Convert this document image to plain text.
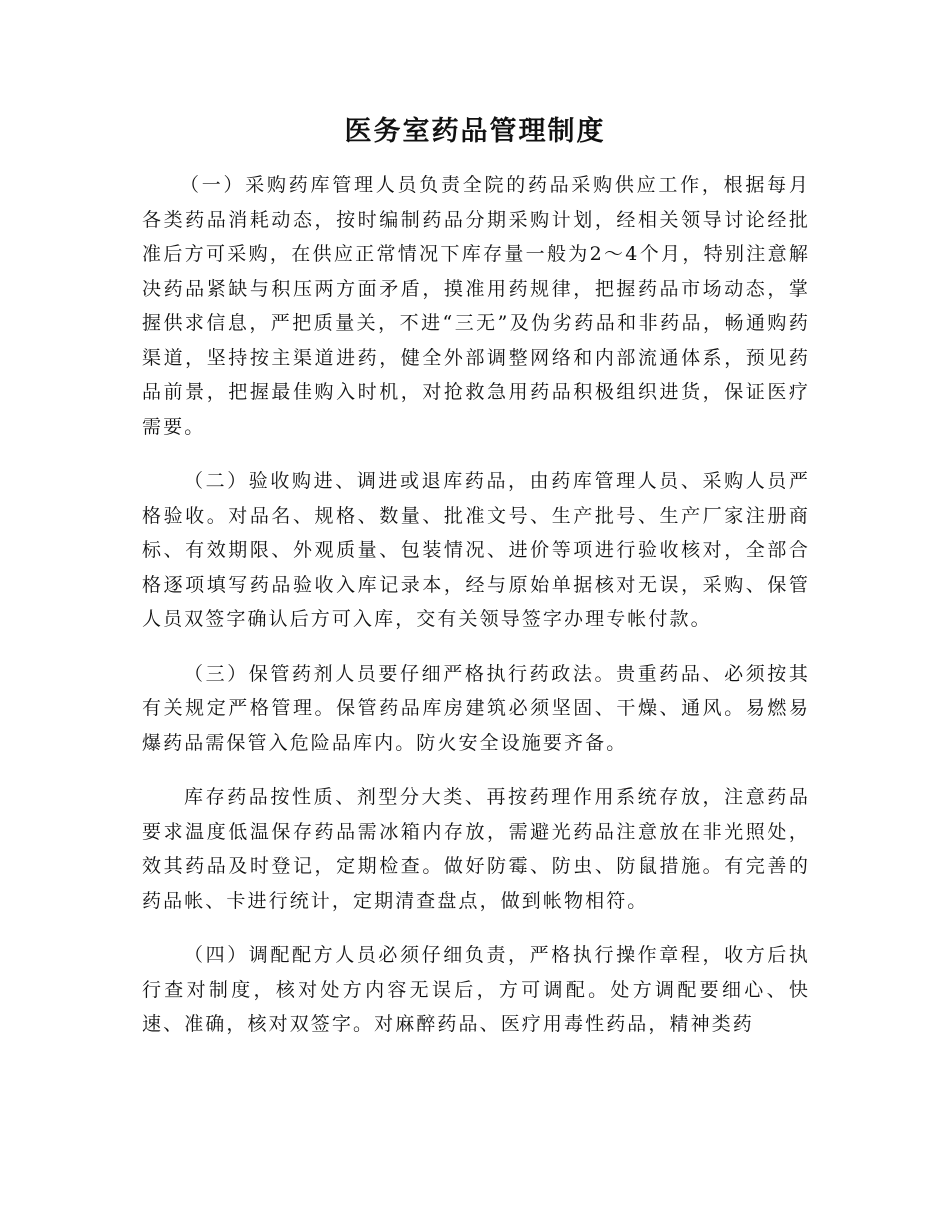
医务室药品管理制度

（一）采购药库管理人员负责全院的药品采购供应工作，根据每月各类药品消耗动态，按时编制药品分期采购计划，经相关领导讨论经批准后方可采购，在供应正常情况下库存量一般为2～4个月，特别注意解决药品紧缺与积压两方面矛盾，摸准用药规律，把握药品市场动态，掌握供求信息，严把质量关，不进“三无”及伪劣药品和非药品，畅通购药渠道，坚持按主渠道进药，健全外部调整网络和内部流通体系，预见药品前景，把握最佳购入时机，对抢救急用药品积极组织进货，保证医疗需要。

（二）验收购进、调进或退库药品，由药库管理人员、采购人员严格验收。对品名、规格、数量、批准文号、生产批号、生产厂家注册商标、有效期限、外观质量、包装情况、进价等项进行验收核对，全部合格逐项填写药品验收入库记录本，经与原始单据核对无误，采购、保管人员双签字确认后方可入库，交有关领导签字办理专帐付款。

（三）保管药剂人员要仔细严格执行药政法。贵重药品、必须按其有关规定严格管理。保管药品库房建筑必须坚固、干燥、通风。易燃易爆药品需保管入危险品库内。防火安全设施要齐备。

库存药品按性质、剂型分大类、再按药理作用系统存放，注意药品要求温度低温保存药品需冰箱内存放，需避光药品注意放在非光照处，效其药品及时登记，定期检查。做好防霉、防虫、防鼠措施。有完善的药品帐、卡进行统计，定期清查盘点，做到帐物相符。

（四）调配配方人员必须仔细负责，严格执行操作章程，收方后执行查对制度，核对处方内容无误后，方可调配。处方调配要细心、快速、准确，核对双签字。对麻醉药品、医疗用毒性药品，精神类药
